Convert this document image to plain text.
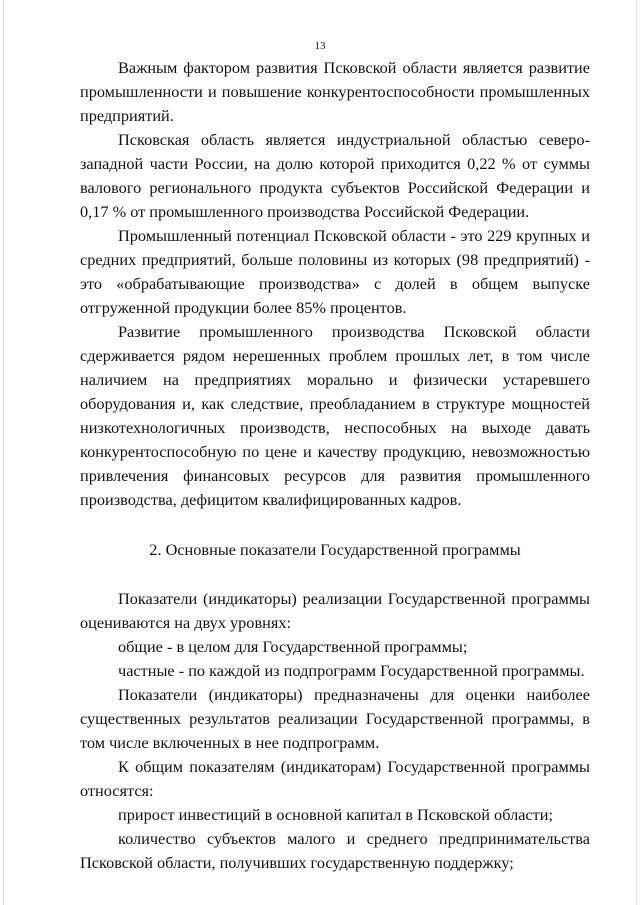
13

Важным фактором развития Псковской области является развитие промышленности и повышение конкурентоспособности промышленных предприятий.

Псковская область является индустриальной областью северо-западной части России, на долю которой приходится 0,22 % от суммы валового регионального продукта субъектов Российской Федерации и 0,17 % от промышленного производства Российской Федерации.

Промышленный потенциал Псковской области - это 229 крупных и средних предприятий, больше половины из которых (98 предприятий) - это «обрабатывающие производства» с долей в общем выпуске отгруженной продукции более 85% процентов.

Развитие промышленного производства Псковской области сдерживается рядом нерешенных проблем прошлых лет, в том числе наличием на предприятиях морально и физически устаревшего оборудования и, как следствие, преобладанием в структуре мощностей низкотехнологичных производств, неспособных на выходе давать конкурентоспособную по цене и качеству продукцию, невозможностью привлечения финансовых ресурсов для развития промышленного производства, дефицитом квалифицированных кадров.

2. Основные показатели Государственной программы

Показатели (индикаторы) реализации Государственной программы оцениваются на двух уровнях:

общие - в целом для Государственной программы;

частные - по каждой из подпрограмм Государственной программы.

Показатели (индикаторы) предназначены для оценки наиболее существенных результатов реализации Государственной программы, в том числе включенных в нее подпрограмм.

К общим показателям (индикаторам) Государственной программы относятся:

прирост инвестиций в основной капитал в Псковской области;

количество субъектов малого и среднего предпринимательства Псковской области, получивших государственную поддержку;
